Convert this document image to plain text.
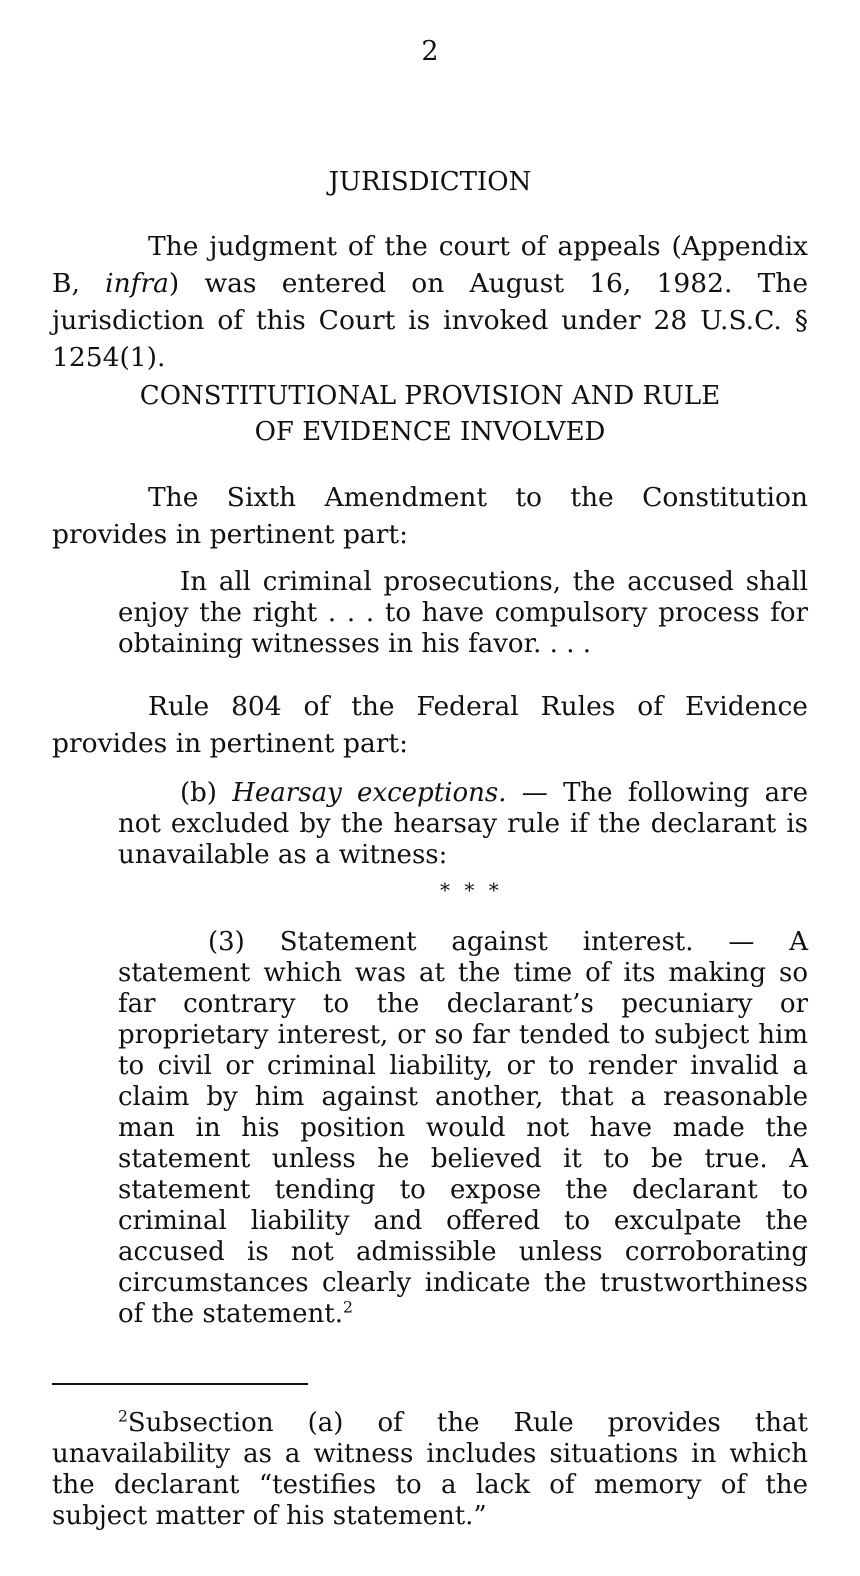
2
JURISDICTION

The judgment of the court of appeals (Appendix B, infra) was entered on August 16, 1982. The jurisdiction of this Court is invoked under 28 U.S.C. § 1254(1).

CONSTITUTIONAL PROVISION AND RULE
OF EVIDENCE INVOLVED

The Sixth Amendment to the Constitution provides in pertinent part:

In all criminal prosecutions, the accused shall enjoy the right . . . to have compulsory process for obtaining witnesses in his favor. . . .

Rule 804 of the Federal Rules of Evidence provides in pertinent part:

(b) Hearsay exceptions. — The following are not excluded by the hearsay rule if the declarant is unavailable as a witness:

* * *

(3) Statement against interest. — A statement which was at the time of its making so far contrary to the declarant’s pecuniary or proprietary interest, or so far tended to subject him to civil or criminal liability, or to render invalid a claim by him against another, that a reasonable man in his position would not have made the statement unless he believed it to be true. A statement tending to expose the declarant to criminal liability and offered to exculpate the accused is not admissible unless corroborating circumstances clearly indicate the trustworthiness of the statement.$^2$

$^2$Subsection (a) of the Rule provides that unavailability as a witness includes situations in which the declarant “testifies to a lack of memory of the subject matter of his statement.”
